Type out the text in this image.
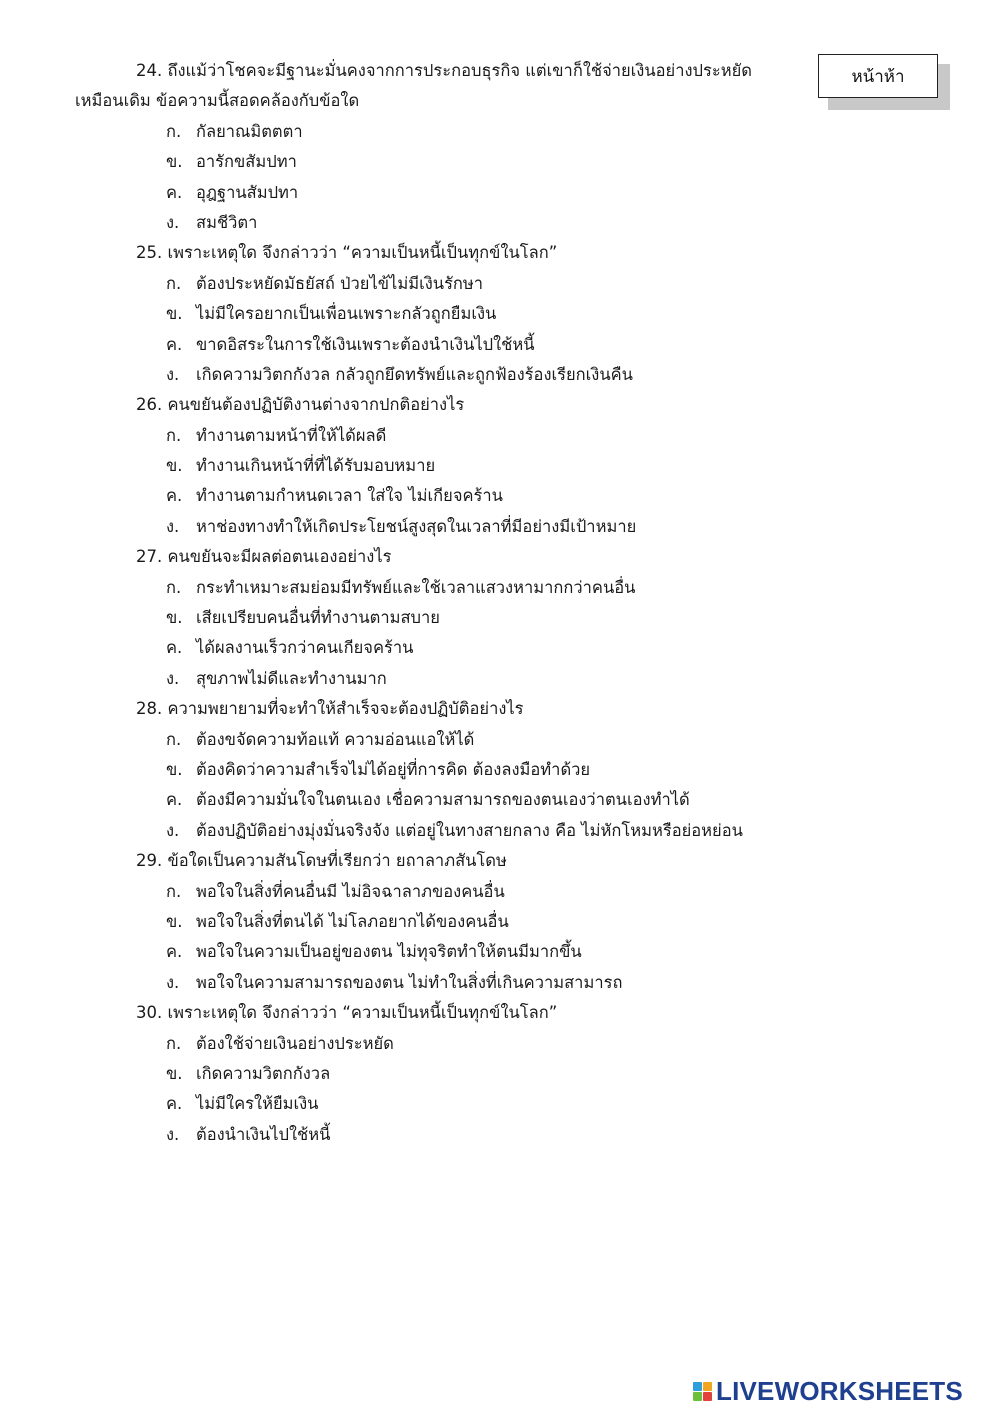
หน้าห้า
24. ถึงแม้ว่าโชคจะมีฐานะมั่นคงจากการประกอบธุรกิจ แต่เขาก็ใช้จ่ายเงินอย่างประหยัด
เหมือนเดิม ข้อความนี้สอดคล้องกับข้อใด
ก. กัลยาณมิตตตา
ข. อารักขสัมปทา
ค. อุฎฐานสัมปทา
ง.	สมชีวิตา
25. เพราะเหตุใด จึงกล่าวว่า “ความเป็นหนี้เป็นทุกข์ในโลก”
ก. ต้องประหยัดมัธยัสถ์ ป่วยไข้ไม่มีเงินรักษา
ข. ไม่มีใครอยากเป็นเพื่อนเพราะกลัวถูกยืมเงิน
ค. ขาดอิสระในการใช้เงินเพราะต้องนำเงินไปใช้หนี้
ง.	เกิดความวิตกกังวล กลัวถูกยึดทรัพย์และถูกฟ้องร้องเรียกเงินคืน
26. คนขยันต้องปฏิบัติงานต่างจากปกติอย่างไร
ก. ทำงานตามหน้าที่ให้ได้ผลดี
ข. ทำงานเกินหน้าที่ที่ได้รับมอบหมาย
ค. ทำงานตามกำหนดเวลา ใส่ใจ ไม่เกียจคร้าน
ง.	หาช่องทางทำให้เกิดประโยชน์สูงสุดในเวลาที่มีอย่างมีเป้าหมาย
27. คนขยันจะมีผลต่อตนเองอย่างไร
ก. กระทำเหมาะสมย่อมมีทรัพย์และใช้เวลาแสวงหามากกว่าคนอื่น
ข. เสียเปรียบคนอื่นที่ทำงานตามสบาย
ค. ได้ผลงานเร็วกว่าคนเกียจคร้าน
ง.	สุขภาพไม่ดีและทำงานมาก
28. ความพยายามที่จะทำให้สำเร็จจะต้องปฏิบัติอย่างไร
ก. ต้องขจัดความท้อแท้ ความอ่อนแอให้ได้
ข. ต้องคิดว่าความสำเร็จไม่ได้อยู่ที่การคิด ต้องลงมือทำด้วย
ค. ต้องมีความมั่นใจในตนเอง เชื่อความสามารถของตนเองว่าตนเองทำได้
ง.	ต้องปฏิบัติอย่างมุ่งมั่นจริงจัง แต่อยู่ในทางสายกลาง คือ ไม่หักโหมหรือย่อหย่อน
29. ข้อใดเป็นความสันโดษที่เรียกว่า ยถาลาภสันโดษ
ก. พอใจในสิ่งที่คนอื่นมี ไม่อิจฉาลาภของคนอื่น
ข. พอใจในสิ่งที่ตนได้ ไม่โลภอยากได้ของคนอื่น
ค. พอใจในความเป็นอยู่ของตน ไม่ทุจริตทำให้ตนมีมากขึ้น
ง.	พอใจในความสามารถของตน ไม่ทำในสิ่งที่เกินความสามารถ
30. เพราะเหตุใด จึงกล่าวว่า “ความเป็นหนี้เป็นทุกข์ในโลก”
ก. ต้องใช้จ่ายเงินอย่างประหยัด
ข. เกิดความวิตกกังวล
ค. ไม่มีใครให้ยืมเงิน
ง.	ต้องนำเงินไปใช้หนี้
LIVEWORKSHEETS
